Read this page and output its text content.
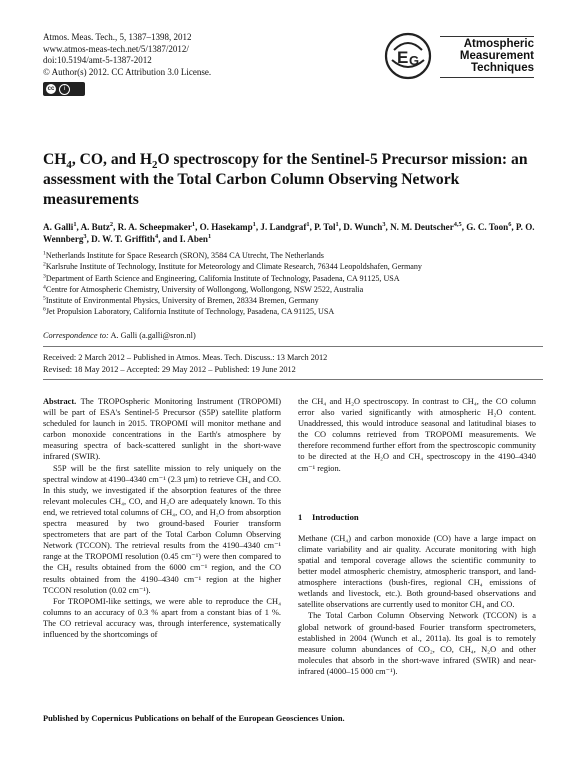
Atmos. Meas. Tech., 5, 1387–1398, 2012
www.atmos-meas-tech.net/5/1387/2012/
doi:10.5194/amt-5-1387-2012
© Author(s) 2012. CC Attribution 3.0 License.
cc	i
E G
Atmospheric
Measurement
Techniques
$CH_4$, CO, and $H_2O$ spectroscopy for the Sentinel-5 Precursor mission: an assessment with the Total Carbon Column Observing Network measurements
A. Galli$^1$, A. Butz$^2$, R. A. Scheepmaker$^1$, O. Hasekamp$^1$, J. Landgraf$^1$, P. Tol$^1$, D. Wunch$^3$, N. M. Deutscher$^{4,5}$, G. C. Toon$^6$, P. O. Wennberg$^3$, D. W. T. Griffith$^4$, and I. Aben$^1$
$^1$Netherlands Institute for Space Research (SRON), 3584 CA Utrecht, The Netherlands
$^2$Karlsruhe Institute of Technology, Institute for Meteorology and Climate Research, 76344 Leopoldshafen, Germany
$^3$Department of Earth Science and Engineering, California Institute of Technology, Pasadena, CA 91125, USA
$^4$Centre for Atmospheric Chemistry, University of Wollongong, Wollongong, NSW 2522, Australia
$^5$Institute of Environmental Physics, University of Bremen, 28334 Bremen, Germany
$^6$Jet Propulsion Laboratory, California Institute of Technology, Pasadena, CA 91125, USA
Correspondence to: A. Galli (a.galli@sron.nl)
Received: 2 March 2012 – Published in Atmos. Meas. Tech. Discuss.: 13 March 2012
Revised: 18 May 2012 – Accepted: 29 May 2012 – Published: 19 June 2012

Abstract. The TROPOspheric Monitoring Instrument (TROPOMI) will be part of ESA's Sentinel-5 Precursor (S5P) satellite platform scheduled for launch in 2015. TROPOMI will monitor methane and carbon monoxide concentrations in the Earth's atmosphere by measuring spectra of back-scattered sunlight in the short-wave infrared (SWIR).

S5P will be the first satellite mission to rely uniquely on the spectral window at 4190–4340 cm⁻¹ (2.3 µm) to retrieve CH₄ and CO. In this study, we investigated if the absorption features of the three relevant molecules CH₄, CO, and H₂O are adequately known. To this end, we retrieved total columns of CH₄, CO, and H₂O from absorption spectra measured by two ground-based Fourier transform spectrometers that are part of the Total Carbon Column Observing Network (TCCON). The retrieval results from the 4190–4340 cm⁻¹ range at the TROPOMI resolution (0.45 cm⁻¹) were then compared to the CH₄ results obtained from the 6000 cm⁻¹ region, and the CO results obtained from the 4190–4340 cm⁻¹ region at the higher TCCON resolution (0.02 cm⁻¹).

For TROPOMI-like settings, we were able to reproduce the CH₄ columns to an accuracy of 0.3 % apart from a constant bias of 1 %. The CO retrieval accuracy was, through interference, systematically influenced by the shortcomings of

the CH₄ and H₂O spectroscopy. In contrast to CH₄, the CO column error also varied significantly with atmospheric H₂O content. Unaddressed, this would introduce seasonal and latitudinal biases to the CO columns retrieved from TROPOMI measurements. We therefore recommend further effort from the spectroscopic community to be directed at the H₂O and CH₄ spectroscopy in the 4190–4340 cm⁻¹ region.

1 Introduction

Methane (CH₄) and carbon monoxide (CO) have a large impact on climate variability and air quality. Accurate monitoring with high spatial and temporal coverage allows the scientific community to better model atmospheric chemistry, atmospheric transport, and land-atmosphere interactions (bush-fires, regional CH₄ emissions of wetlands and livestock, etc.). Both ground-based observations and satellite observations are currently used to monitor CH₄ and CO.

The Total Carbon Column Observing Network (TCCON) is a global network of ground-based Fourier transform spectrometers, established in 2004 (Wunch et al., 2011a). Its goal is to remotely measure column abundances of CO₂, CO, CH₄, N₂O and other molecules that absorb in the short-wave infrared (SWIR) and near-infrared (4000–15 000 cm⁻¹).

Published by Copernicus Publications on behalf of the European Geosciences Union.
